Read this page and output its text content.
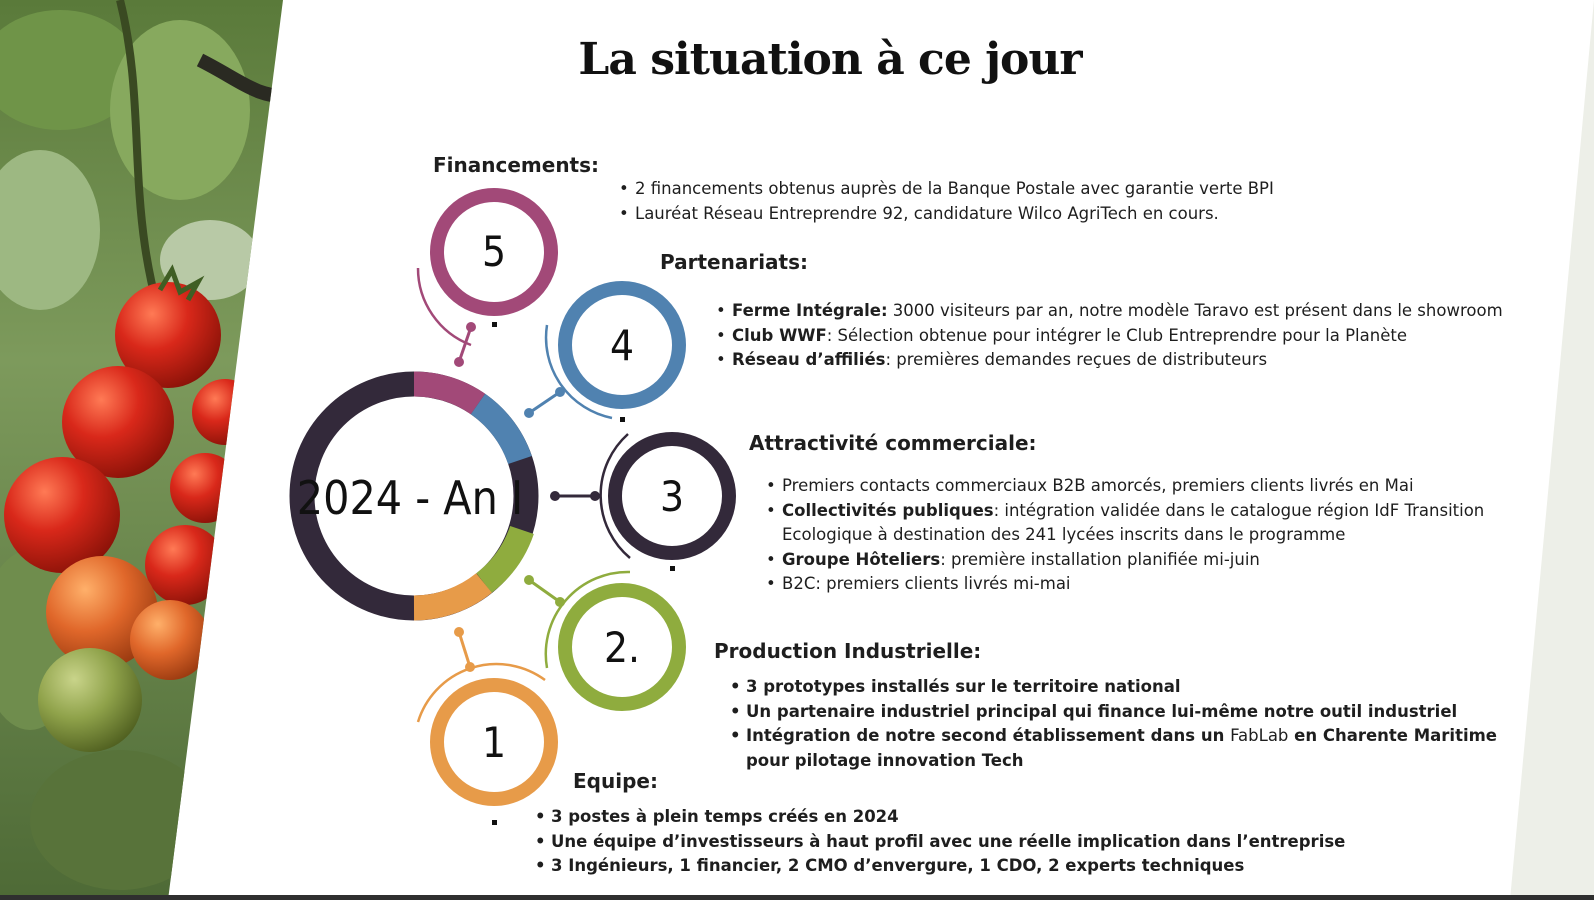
2024 - An I
5
4
3
2.
1
La situation à ce jour
Financements:
• 2 financements obtenus auprès de la Banque Postale avec garantie verte BPI
• Lauréat Réseau Entreprendre 92, candidature Wilco AgriTech en cours.
Partenariats:
• Ferme Intégrale: 3000 visiteurs par an, notre modèle Taravo est présent dans le showroom
• Club WWF: Sélection obtenue pour intégrer le Club Entreprendre pour la Planète
• Réseau d’affiliés: premières demandes reçues de distributeurs
Attractivité commerciale:
• Premiers contacts commerciaux B2B amorcés, premiers clients livrés en Mai
• Collectivités publiques: intégration validée dans le catalogue région IdF Transition
Ecologique à destination des 241 lycées inscrits dans le programme
• Groupe Hôteliers: première installation planifiée mi-juin
• B2C: premiers clients livrés mi-mai
Production Industrielle:
• 3 prototypes installés sur le territoire national
• Un partenaire industriel principal qui finance lui-même notre outil industriel
• Intégration de notre second établissement dans un FabLab en Charente Maritime
pour pilotage innovation Tech
Equipe:
• 3 postes à plein temps créés en 2024
• Une équipe d’investisseurs à haut profil avec une réelle implication dans l’entreprise
• 3 Ingénieurs, 1 financier, 2 CMO d’envergure, 1 CDO, 2 experts techniques
